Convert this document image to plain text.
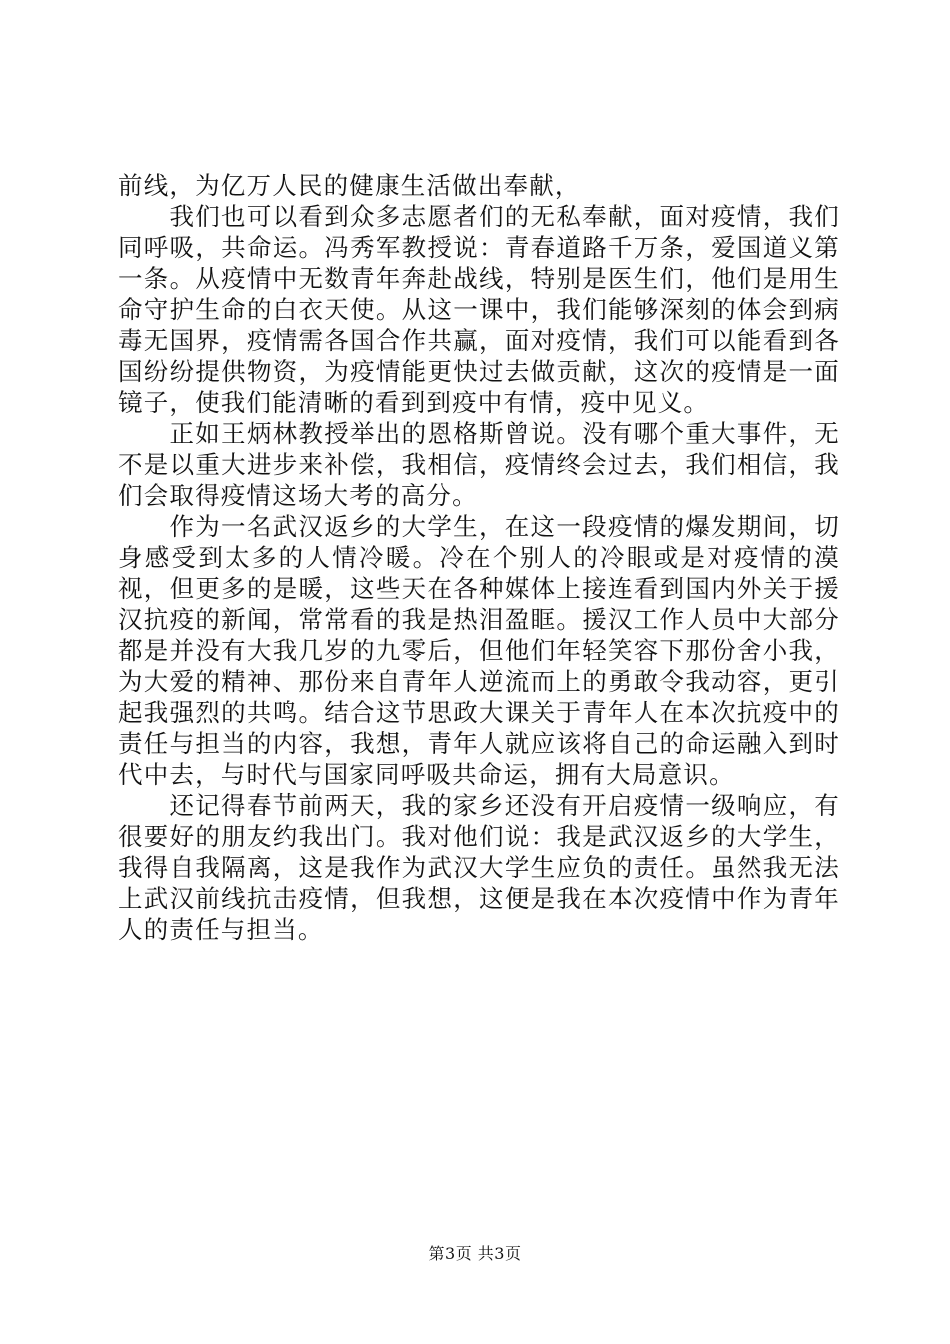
前线，为亿万人民的健康生活做出奉献，

我们也可以看到众多志愿者们的无私奉献，面对疫情，我们同呼吸，共命运。冯秀军教授说：青春道路千万条，爱国道义第一条。从疫情中无数青年奔赴战线，特别是医生们，他们是用生命守护生命的白衣天使。从这一课中，我们能够深刻的体会到病毒无国界，疫情需各国合作共赢，面对疫情，我们可以能看到各国纷纷提供物资，为疫情能更快过去做贡献，这次的疫情是一面镜子，使我们能清晰的看到到疫中有情，疫中见义。

正如王炳林教授举出的恩格斯曾说。没有哪个重大事件，无不是以重大进步来补偿，我相信，疫情终会过去，我们相信，我们会取得疫情这场大考的高分。

作为一名武汉返乡的大学生，在这一段疫情的爆发期间，切身感受到太多的人情冷暖。冷在个别人的冷眼或是对疫情的漠视，但更多的是暖，这些天在各种媒体上接连看到国内外关于援汉抗疫的新闻，常常看的我是热泪盈眶。援汉工作人员中大部分都是并没有大我几岁的九零后，但他们年轻笑容下那份舍小我，为大爱的精神、那份来自青年人逆流而上的勇敢令我动容，更引起我强烈的共鸣。结合这节思政大课关于青年人在本次抗疫中的责任与担当的内容，我想，青年人就应该将自己的命运融入到时代中去，与时代与国家同呼吸共命运，拥有大局意识。

还记得春节前两天，我的家乡还没有开启疫情一级响应，有很要好的朋友约我出门。我对他们说：我是武汉返乡的大学生，我得自我隔离，这是我作为武汉大学生应负的责任。虽然我无法上武汉前线抗击疫情，但我想，这便是我在本次疫情中作为青年人的责任与担当。

第3页 共3页
